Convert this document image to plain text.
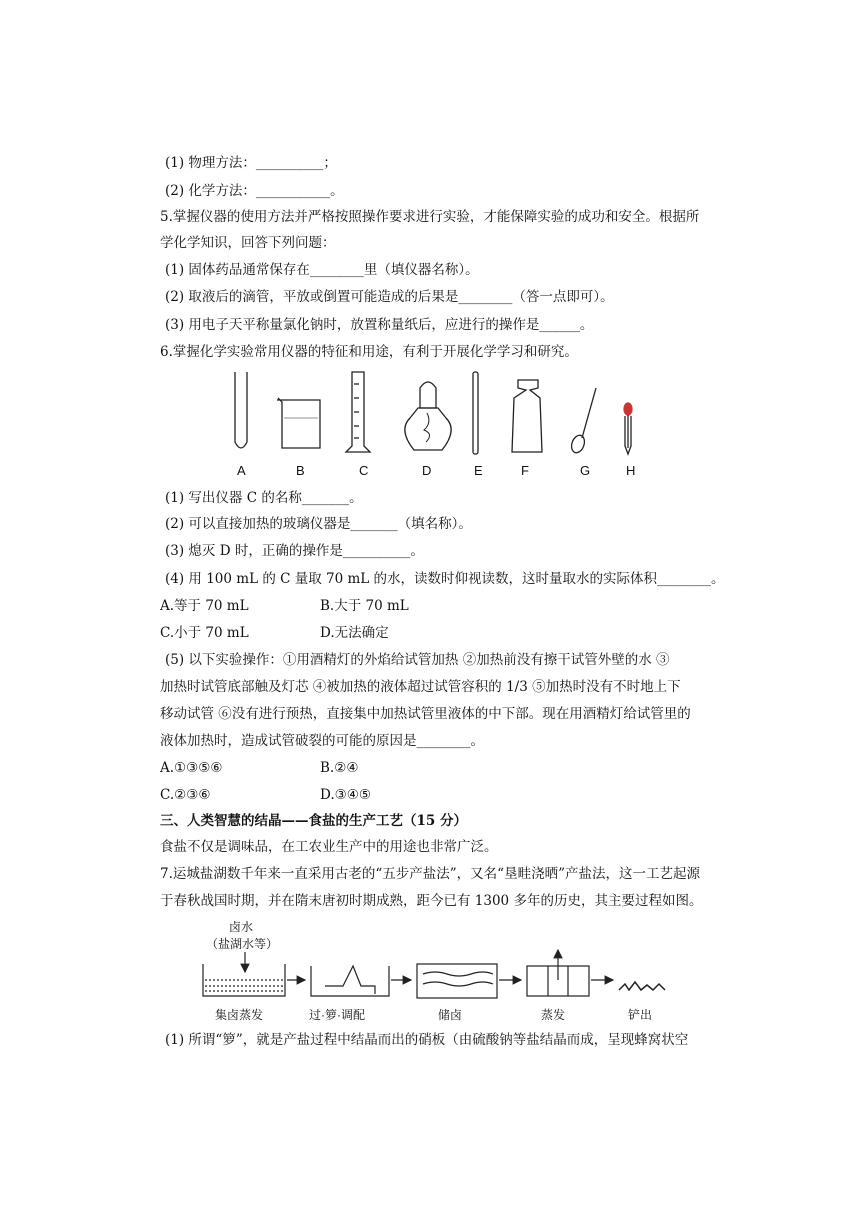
(1) 物理方法：__________；
(2) 化学方法：___________。
5.掌握仪器的使用方法并严格按照操作要求进行实验，才能保障实验的成功和安全。根据所
学化学知识，回答下列问题：
(1) 固体药品通常保存在________里（填仪器名称）。
(2) 取液后的滴管，平放或倒置可能造成的后果是________（答一点即可）。
(3) 用电子天平称量氯化钠时，放置称量纸后，应进行的操作是______。
6.掌握化学实验常用仪器的特征和用途，有利于开展化学学习和研究。
A	B	C	D	E	F	G	H
(1) 写出仪器 C 的名称_______。
(2) 可以直接加热的玻璃仪器是_______（填名称）。
(3) 熄灭 D 时，正确的操作是__________。
(4) 用 100 mL 的 C 量取 70 mL 的水，读数时仰视读数，这时量取水的实际体积________。
A.等于 70 mL	B.大于 70 mL
C.小于 70 mL	D.无法确定
(5) 以下实验操作：①用酒精灯的外焰给试管加热 ②加热前没有擦干试管外壁的水 ③
加热时试管底部触及灯芯 ④被加热的液体超过试管容积的 1/3 ⑤加热时没有不时地上下
移动试管 ⑥没有进行预热，直接集中加热试管里液体的中下部。现在用酒精灯给试管里的
液体加热时，造成试管破裂的可能的原因是________。
A.①③⑤⑥	B.②④
C.②③⑥	D.③④⑤
三、人类智慧的结晶——食盐的生产工艺（15 分）
食盐不仅是调味品，在工农业生产中的用途也非常广泛。
7.运城盐湖数千年来一直采用古老的“五步产盐法”，又名“垦畦浇晒”产盐法，这一工艺起源
于春秋战国时期，并在隋末唐初时期成熟，距今已有 1300 多年的历史，其主要过程如图。
卤水
（盐湖水等）
集卤蒸发	过·箩·调配	储卤	蒸发	铲出
(1) 所谓“箩”，就是产盐过程中结晶而出的硝板（由硫酸钠等盐结晶而成，呈现蜂窝状空
